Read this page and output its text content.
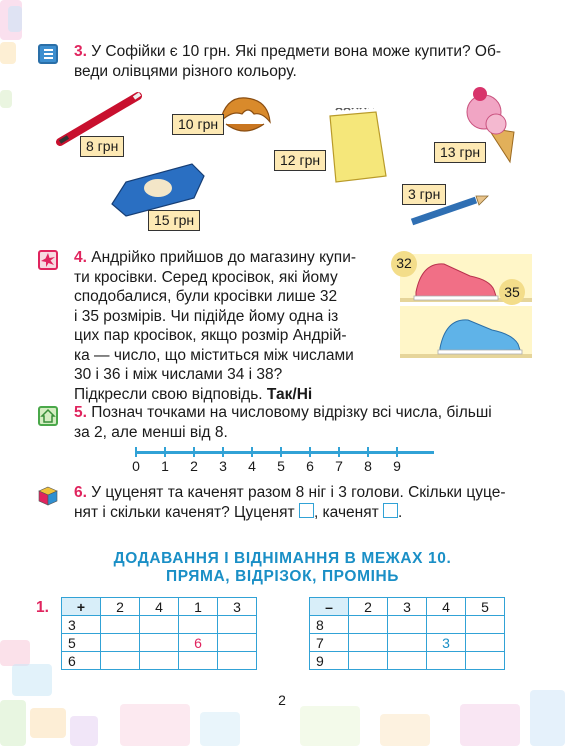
3. У Софійки є 10 грн. Які предмети вона може купити? Об-
веди олівцями різного кольору.
8 грн
10 грн
12 грн	13 грн
3 грн
15 грн
4. Андрійко прийшов до магазину купи-
ти кросівки. Серед кросівок, які йому
сподобалися, були кросівки лише 32
і 35 розмірів. Чи підійде йому одна із
цих пар кросівок, якщо розмір Андрій-
ка — число, що міститься між числами
30 і 36 і між числами 34 і 38?
Підкресли свою відповідь. Так/Ні
32
35
5. Познач точками на числовому відрізку всі числа, більші
за 2, але менші від 8.
0 1 2 3 4 5 6 7 8 9
6. У цуценят та каченят разом 8 ніг і 3 голови. Скільки цуце-
нят і скільки каченят? Цуценят , каченят .
ДОДАВАННЯ І ВІДНІМАННЯ В МЕЖАХ 10.
ПРЯМА, ВІДРІЗОК, ПРОМІНЬ
1. +	2	4	1	3
3				
5			6	
6				
–	2	3	4	5
8				
7			3	
9				
2
